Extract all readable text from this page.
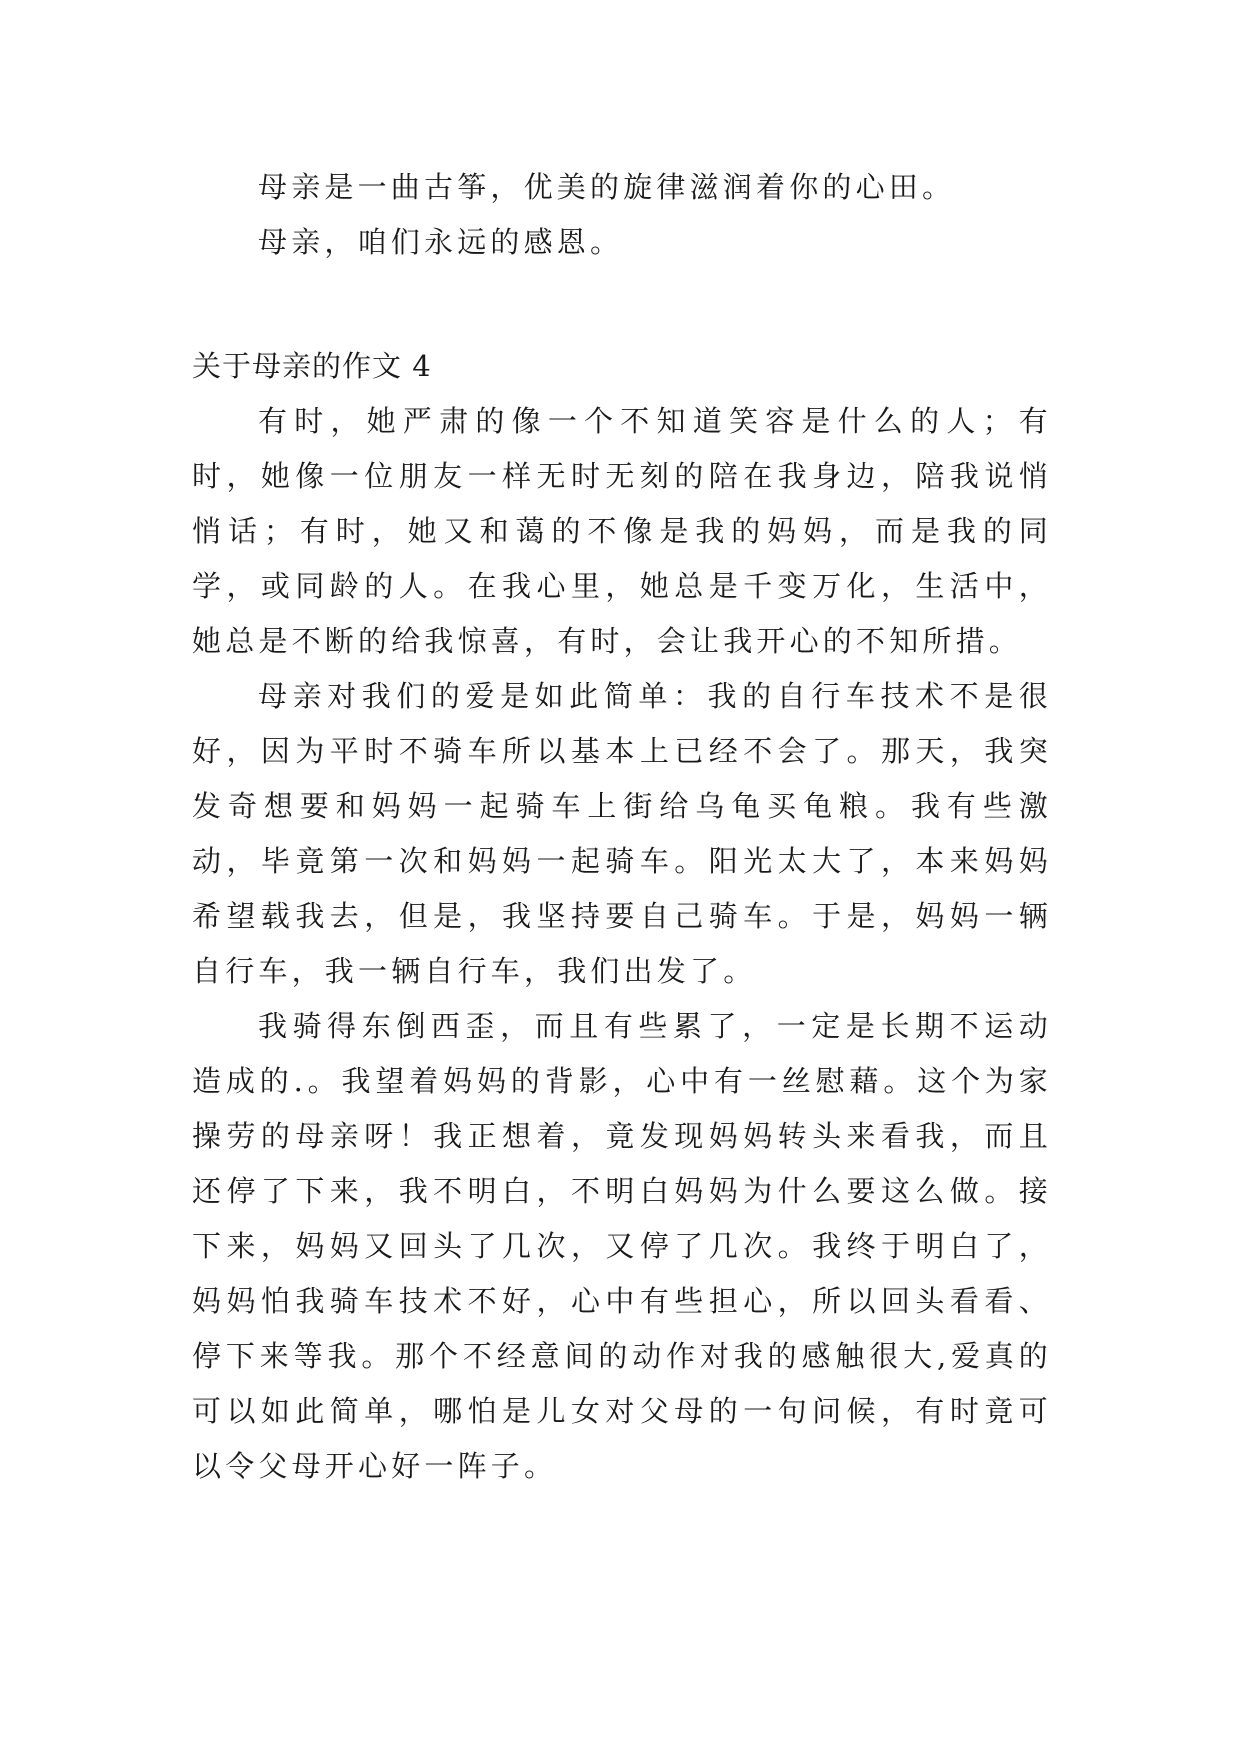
母亲是一曲古筝，优美的旋律滋润着你的心田。

母亲，咱们永远的感恩。

关于母亲的作文 4

有时，她严肃的像一个不知道笑容是什么的人；有时，她像一位朋友一样无时无刻的陪在我身边，陪我说悄悄话；有时，她又和蔼的不像是我的妈妈，而是我的同学，或同龄的人。在我心里，她总是千变万化，生活中，她总是不断的给我惊喜，有时，会让我开心的不知所措。

母亲对我们的爱是如此简单：我的自行车技术不是很好，因为平时不骑车所以基本上已经不会了。那天，我突发奇想要和妈妈一起骑车上街给乌龟买龟粮。我有些激动，毕竟第一次和妈妈一起骑车。阳光太大了，本来妈妈希望载我去，但是，我坚持要自己骑车。于是，妈妈一辆自行车，我一辆自行车，我们出发了。

我骑得东倒西歪，而且有些累了，一定是长期不运动造成的.。我望着妈妈的背影，心中有一丝慰藉。这个为家操劳的母亲呀！我正想着，竟发现妈妈转头来看我，而且还停了下来，我不明白，不明白妈妈为什么要这么做。接下来，妈妈又回头了几次，又停了几次。我终于明白了，妈妈怕我骑车技术不好，心中有些担心，所以回头看看、停下来等我。那个不经意间的动作对我的感触很大,爱真的可以如此简单，哪怕是儿女对父母的一句问候，有时竟可以令父母开心好一阵子。
